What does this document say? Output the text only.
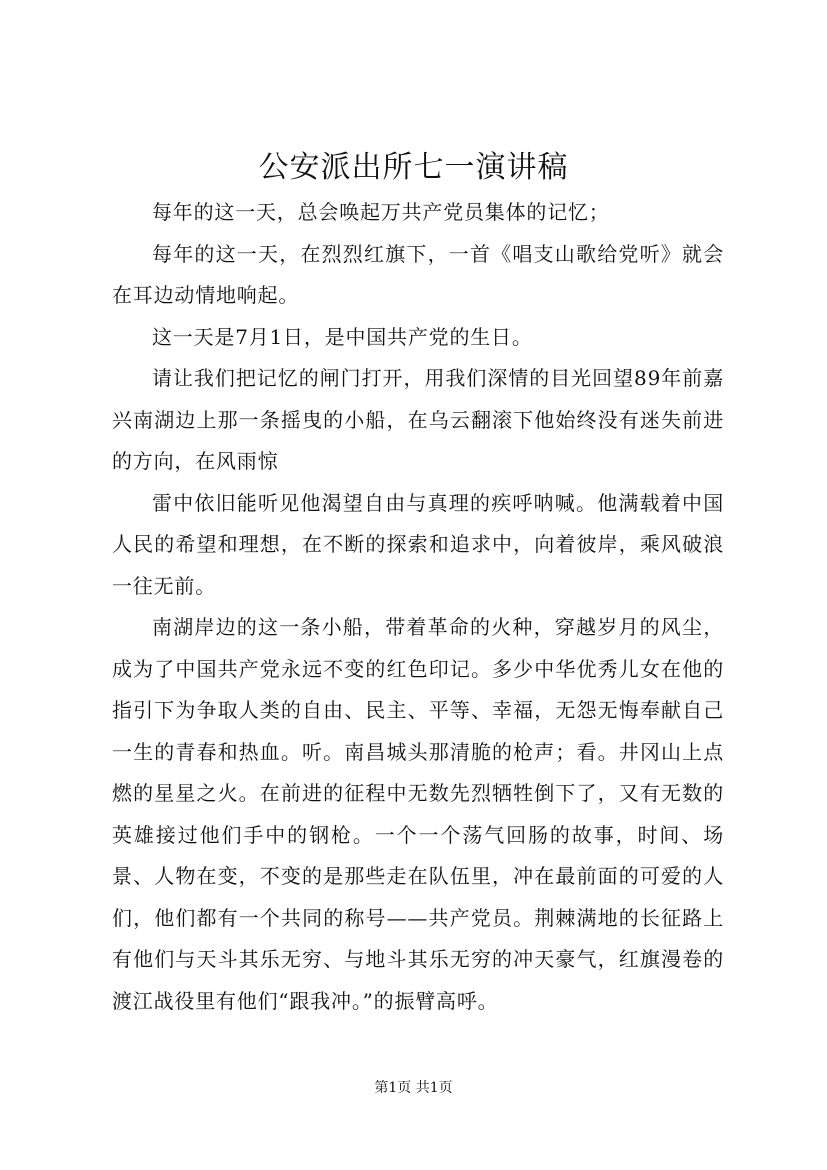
公安派出所七一演讲稿

每年的这一天，总会唤起万共产党员集体的记忆；

每年的这一天，在烈烈红旗下，一首《唱支山歌给党听》就会在耳边动情地响起。

这一天是7月1日，是中国共产党的生日。

请让我们把记忆的闸门打开，用我们深情的目光回望89年前嘉兴南湖边上那一条摇曳的小船，在乌云翻滚下他始终没有迷失前进的方向，在风雨惊

雷中依旧能听见他渴望自由与真理的疾呼呐喊。他满载着中国人民的希望和理想，在不断的探索和追求中，向着彼岸，乘风破浪一往无前。

南湖岸边的这一条小船，带着革命的火种，穿越岁月的风尘，成为了中国共产党永远不变的红色印记。多少中华优秀儿女在他的指引下为争取人类的自由、民主、平等、幸福，无怨无悔奉献自己一生的青春和热血。听。南昌城头那清脆的枪声；看。井冈山上点燃的星星之火。在前进的征程中无数先烈牺牲倒下了，又有无数的英雄接过他们手中的钢枪。一个一个荡气回肠的故事，时间、场景、人物在变，不变的是那些走在队伍里，冲在最前面的可爱的人们，他们都有一个共同的称号——共产党员。荆棘满地的长征路上有他们与天斗其乐无穷、与地斗其乐无穷的冲天豪气，红旗漫卷的渡江战役里有他们“跟我冲。”的振臂高呼。

第1页 共1页
